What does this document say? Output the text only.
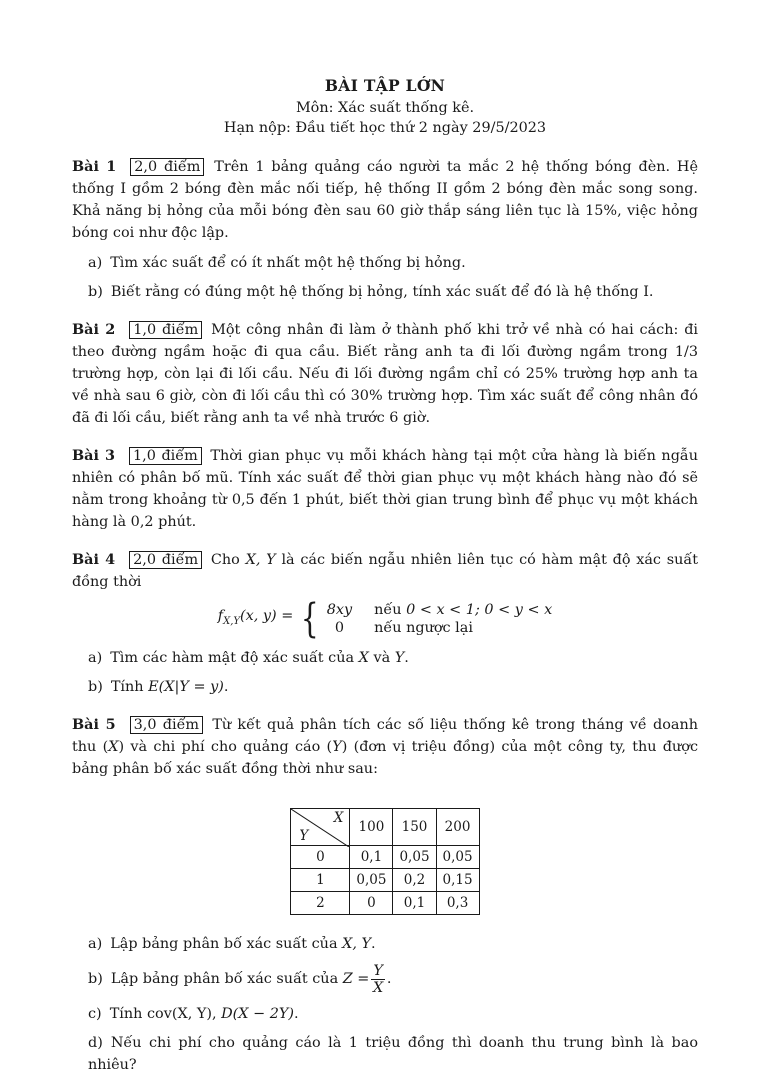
BÀI TẬP LỚN
Môn: Xác suất thống kê.
Hạn nộp: Đầu tiết học thứ 2 ngày 29/5/2023

Bài 1 2,0 điểm Trên 1 bảng quảng cáo người ta mắc 2 hệ thống bóng đèn. Hệ thống I gồm 2 bóng đèn mắc nối tiếp, hệ thống II gồm 2 bóng đèn mắc song song. Khả năng bị hỏng của mỗi bóng đèn sau 60 giờ thắp sáng liên tục là 15%, việc hỏng bóng coi như độc lập.

a) Tìm xác suất để có ít nhất một hệ thống bị hỏng.
b) Biết rằng có đúng một hệ thống bị hỏng, tính xác suất để đó là hệ thống I.

Bài 2 1,0 điểm Một công nhân đi làm ở thành phố khi trở về nhà có hai cách: đi theo đường ngầm hoặc đi qua cầu. Biết rằng anh ta đi lối đường ngầm trong 1/3 trường hợp, còn lại đi lối cầu. Nếu đi lối đường ngầm chỉ có 25% trường hợp anh ta về nhà sau 6 giờ, còn đi lối cầu thì có 30% trường hợp. Tìm xác suất để công nhân đó đã đi lối cầu, biết rằng anh ta về nhà trước 6 giờ.

Bài 3 1,0 điểm Thời gian phục vụ mỗi khách hàng tại một cửa hàng là biến ngẫu nhiên có phân bố mũ. Tính xác suất để thời gian phục vụ một khách hàng nào đó sẽ nằm trong khoảng từ 0,5 đến 1 phút, biết thời gian trung bình để phục vụ một khách hàng là 0,2 phút.

Bài 4 2,0 điểm Cho X, Y là các biến ngẫu nhiên liên tục có hàm mật độ xác suất đồng thời

$f_{X,Y}(x$, y) = { 8xy nếu 0 < x < 1; 0 < y < x
0	nếu ngược lại
a) Tìm các hàm mật độ xác suất của X và Y.
b) Tính E(X|Y = y).

Bài 5 3,0 điểm Từ kết quả phân tích các số liệu thống kê trong tháng về doanh thu (X) và chi phí cho quảng cáo (Y) (đơn vị triệu đồng) của một công ty, thu được bảng phân bố xác suất đồng thời như sau:

X
Y	100	150	200
0	0,1	0,05	0,05
1	0,05	0,2	0,15
2	0	0,1	0,3
a) Lập bảng phân bố xác suất của X, Y.
b) Lập bảng phân bố xác suất của $Z = \frac{Y}{X}$ .
c) Tính cov(X, Y), D(X − 2Y).
d) Nếu chi phí cho quảng cáo là 1 triệu đồng thì doanh thu trung bình là bao nhiêu?
